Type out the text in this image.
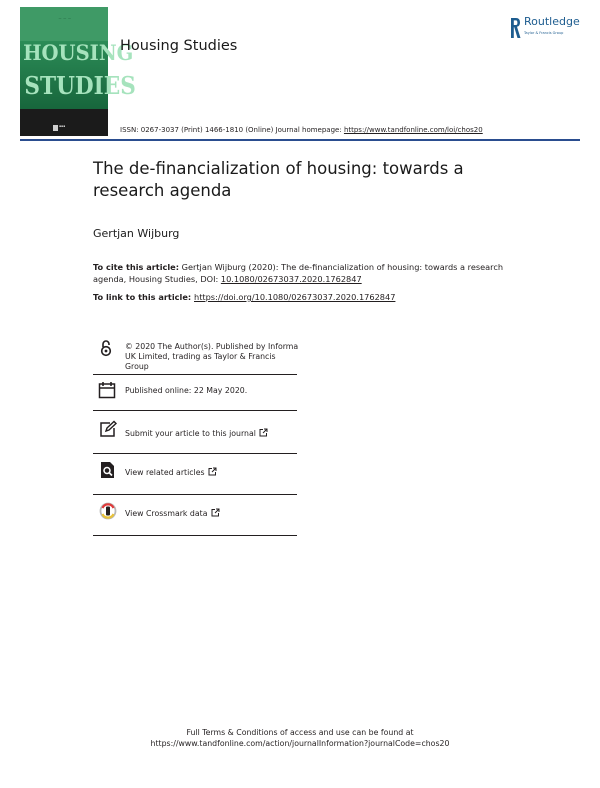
— — —
HOUSING
STUDIES
▪▪▪
Housing Studies
Routledge
Taylor & Francis Group
ISSN: 0267-3037 (Print) 1466-1810 (Online) Journal homepage: https://www.tandfonline.com/loi/chos20
The de-financialization of housing: towards a research agenda
Gertjan Wijburg
To cite this article: Gertjan Wijburg (2020): The de-financialization of housing: towards a research agenda, Housing Studies, DOI: 10.1080/02673037.2020.1762847
To link to this article: https://doi.org/10.1080/02673037.2020.1762847
© 2020 The Author(s). Published by Informa UK Limited, trading as Taylor & Francis Group
Published online: 22 May 2020.
Submit your article to this journal
View related articles
View Crossmark data
Full Terms & Conditions of access and use can be found at
https://www.tandfonline.com/action/journalInformation?journalCode=chos20
